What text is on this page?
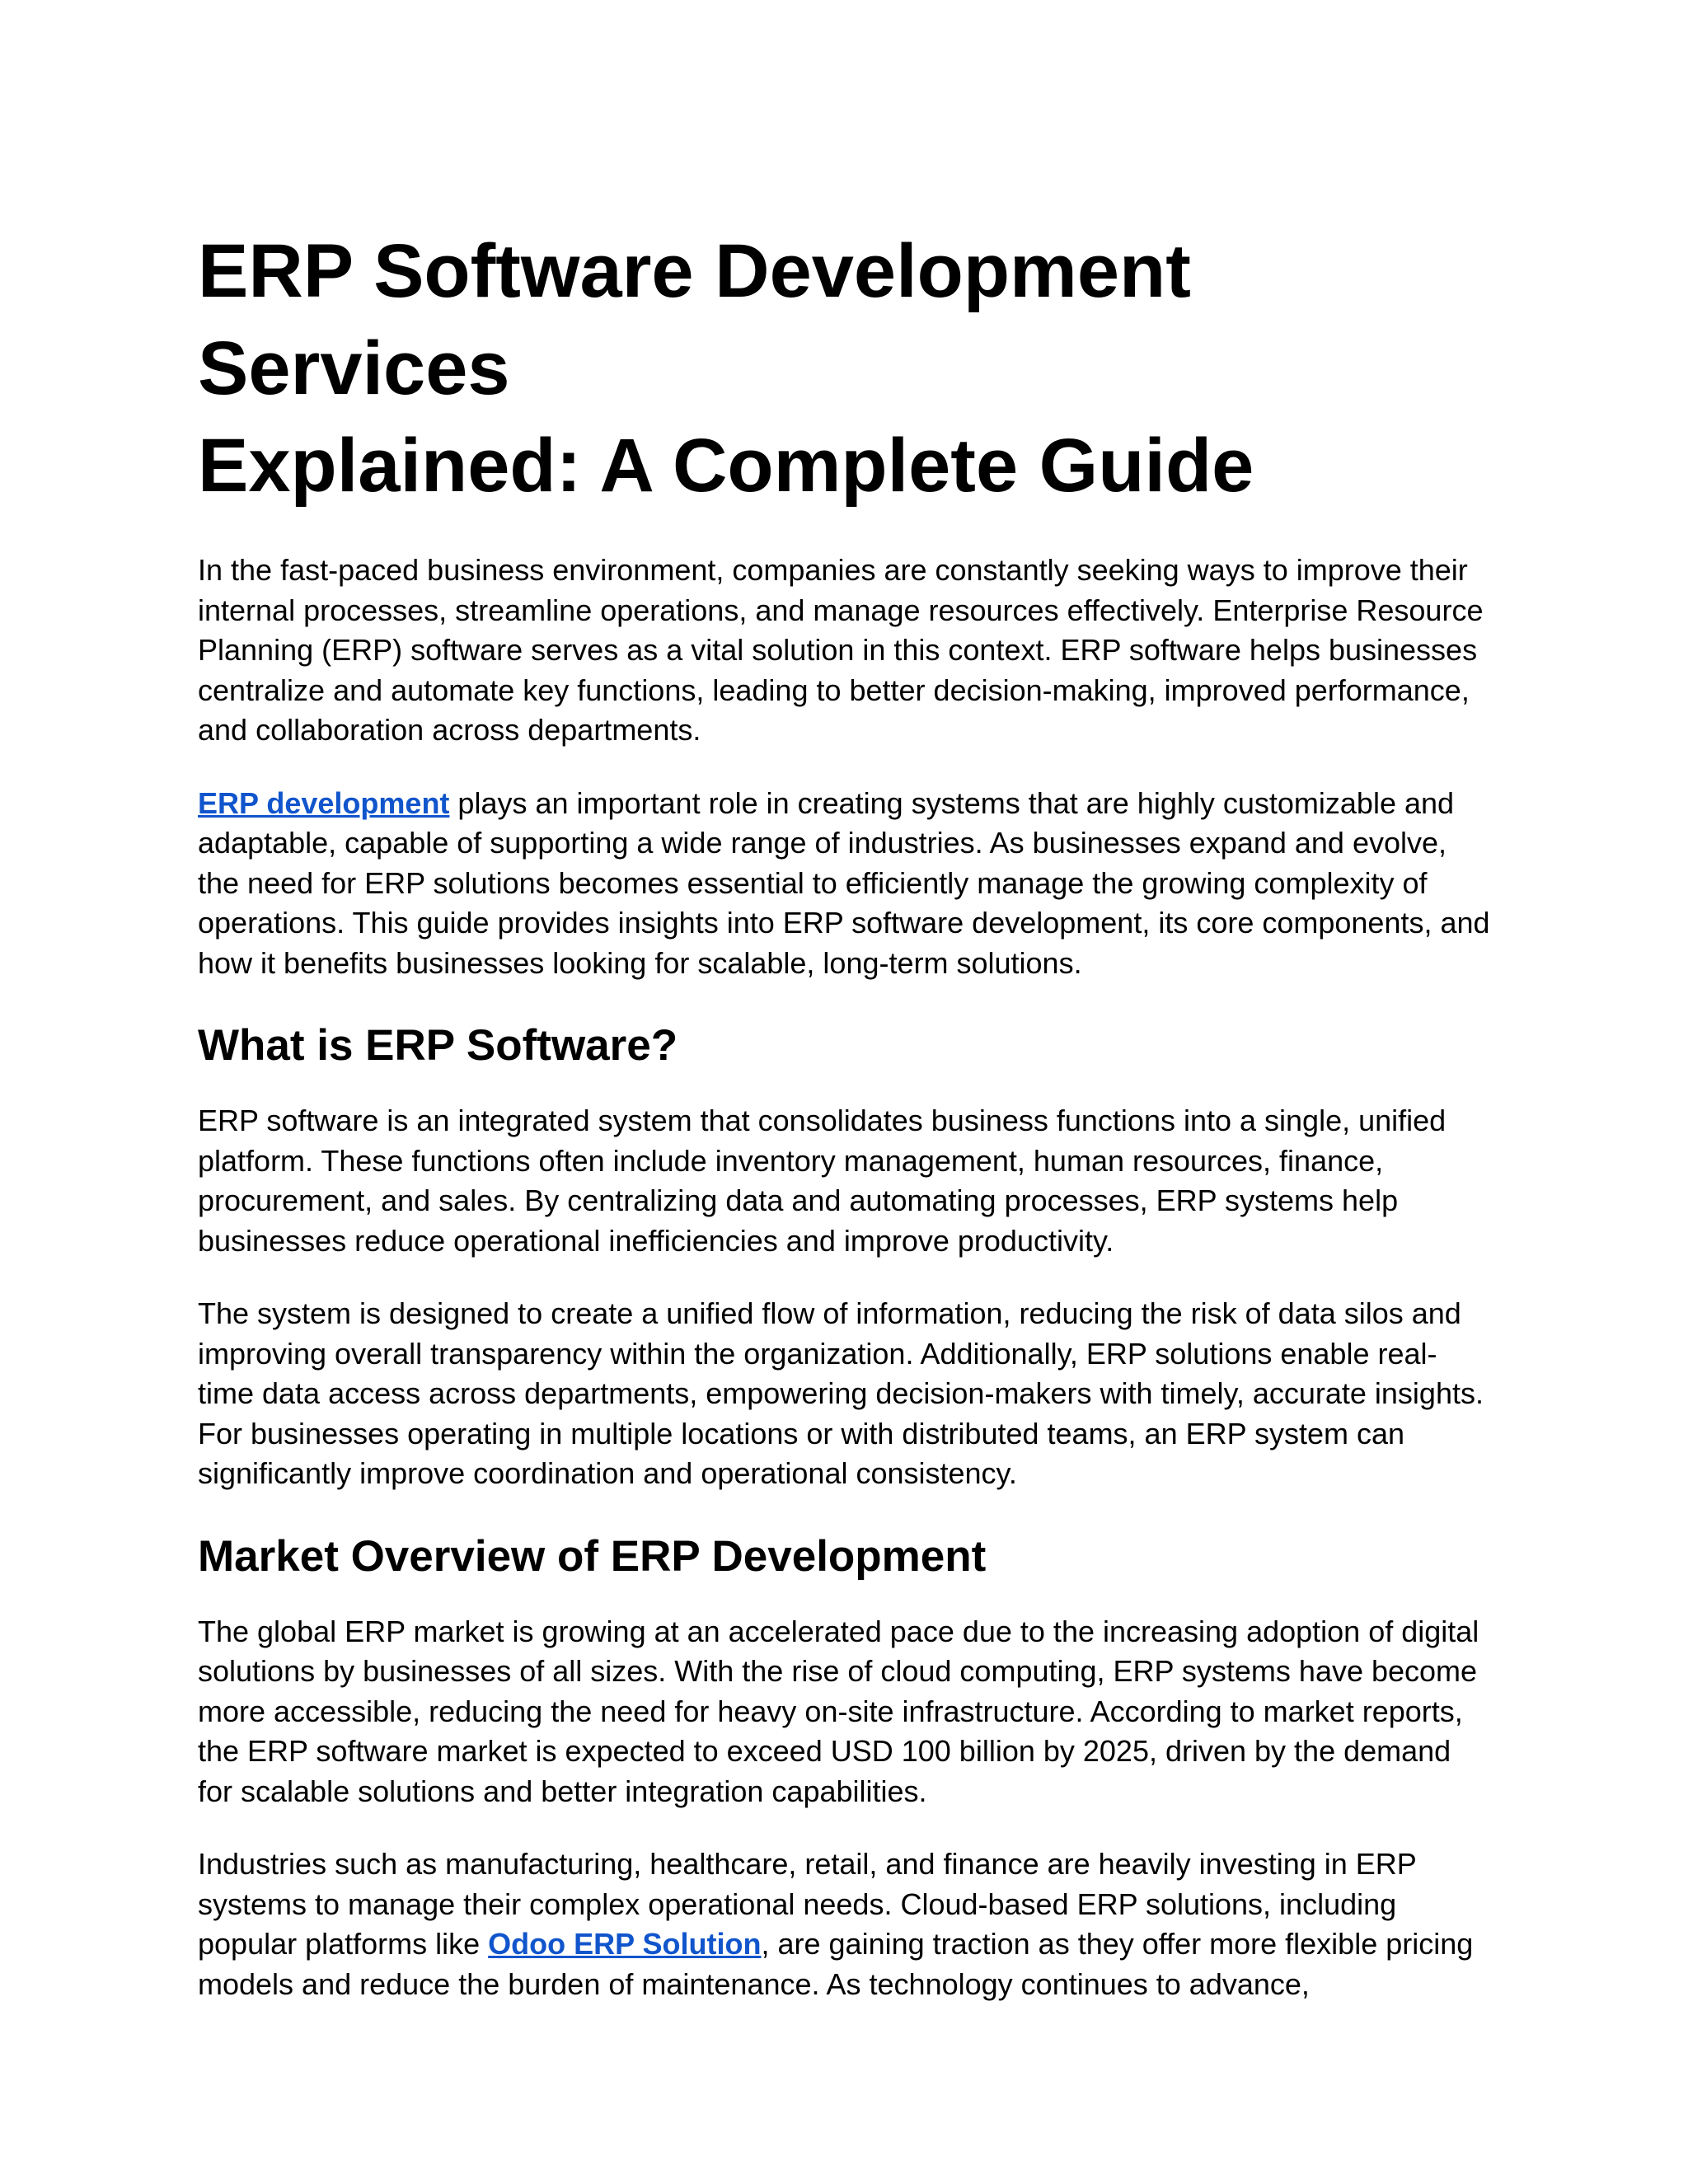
ERP Software Development Services
Explained: A Complete Guide

In the fast-paced business environment, companies are constantly seeking ways to improve their internal processes, streamline operations, and manage resources effectively. Enterprise Resource Planning (ERP) software serves as a vital solution in this context. ERP software helps businesses centralize and automate key functions, leading to better decision-making, improved performance, and collaboration across departments.

ERP development plays an important role in creating systems that are highly customizable and adaptable, capable of supporting a wide range of industries. As businesses expand and evolve, the need for ERP solutions becomes essential to efficiently manage the growing complexity of operations. This guide provides insights into ERP software development, its core components, and how it benefits businesses looking for scalable, long-term solutions.

What is ERP Software?

ERP software is an integrated system that consolidates business functions into a single, unified platform. These functions often include inventory management, human resources, finance, procurement, and sales. By centralizing data and automating processes, ERP systems help businesses reduce operational inefficiencies and improve productivity.

The system is designed to create a unified flow of information, reducing the risk of data silos and improving overall transparency within the organization. Additionally, ERP solutions enable real-time data access across departments, empowering decision-makers with timely, accurate insights. For businesses operating in multiple locations or with distributed teams, an ERP system can significantly improve coordination and operational consistency.

Market Overview of ERP Development

The global ERP market is growing at an accelerated pace due to the increasing adoption of digital solutions by businesses of all sizes. With the rise of cloud computing, ERP systems have become more accessible, reducing the need for heavy on-site infrastructure. According to market reports, the ERP software market is expected to exceed USD 100 billion by 2025, driven by the demand for scalable solutions and better integration capabilities.

Industries such as manufacturing, healthcare, retail, and finance are heavily investing in ERP systems to manage their complex operational needs. Cloud-based ERP solutions, including popular platforms like Odoo ERP Solution, are gaining traction as they offer more flexible pricing models and reduce the burden of maintenance. As technology continues to advance,
